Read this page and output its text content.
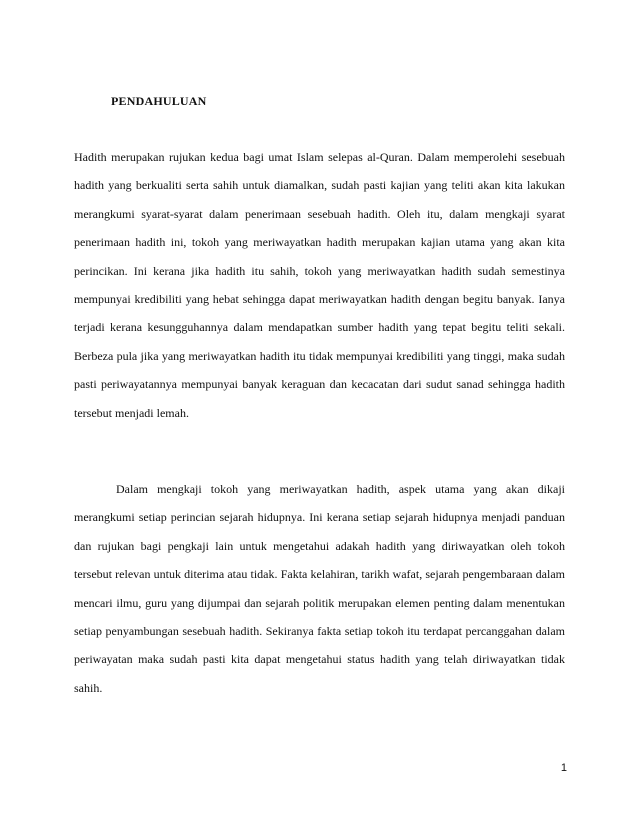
PENDAHULUAN

Hadith merupakan rujukan kedua bagi umat Islam selepas al-Quran. Dalam memperolehi sesebuah hadith yang berkualiti serta sahih untuk diamalkan, sudah pasti kajian yang teliti akan kita lakukan merangkumi syarat-syarat dalam penerimaan sesebuah hadith. Oleh itu, dalam mengkaji syarat penerimaan hadith ini, tokoh yang meriwayatkan hadith merupakan kajian utama yang akan kita perincikan. Ini kerana jika hadith itu sahih, tokoh yang meriwayatkan hadith sudah semestinya mempunyai kredibiliti yang hebat sehingga dapat meriwayatkan hadith dengan begitu banyak. Ianya terjadi kerana kesungguhannya dalam mendapatkan sumber hadith yang tepat begitu teliti sekali. Berbeza pula jika yang meriwayatkan hadith itu tidak mempunyai kredibiliti yang tinggi, maka sudah pasti periwayatannya mempunyai banyak keraguan dan kecacatan dari sudut sanad sehingga hadith tersebut menjadi lemah.

Dalam mengkaji tokoh yang meriwayatkan hadith, aspek utama yang akan dikaji merangkumi setiap perincian sejarah hidupnya. Ini kerana setiap sejarah hidupnya menjadi panduan dan rujukan bagi pengkaji lain untuk mengetahui adakah hadith yang diriwayatkan oleh tokoh tersebut relevan untuk diterima atau tidak. Fakta kelahiran, tarikh wafat, sejarah pengembaraan dalam mencari ilmu, guru yang dijumpai dan sejarah politik merupakan elemen penting dalam menentukan setiap penyambungan sesebuah hadith. Sekiranya fakta setiap tokoh itu terdapat percanggahan dalam periwayatan maka sudah pasti kita dapat mengetahui status hadith yang telah diriwayatkan tidak sahih.

1
